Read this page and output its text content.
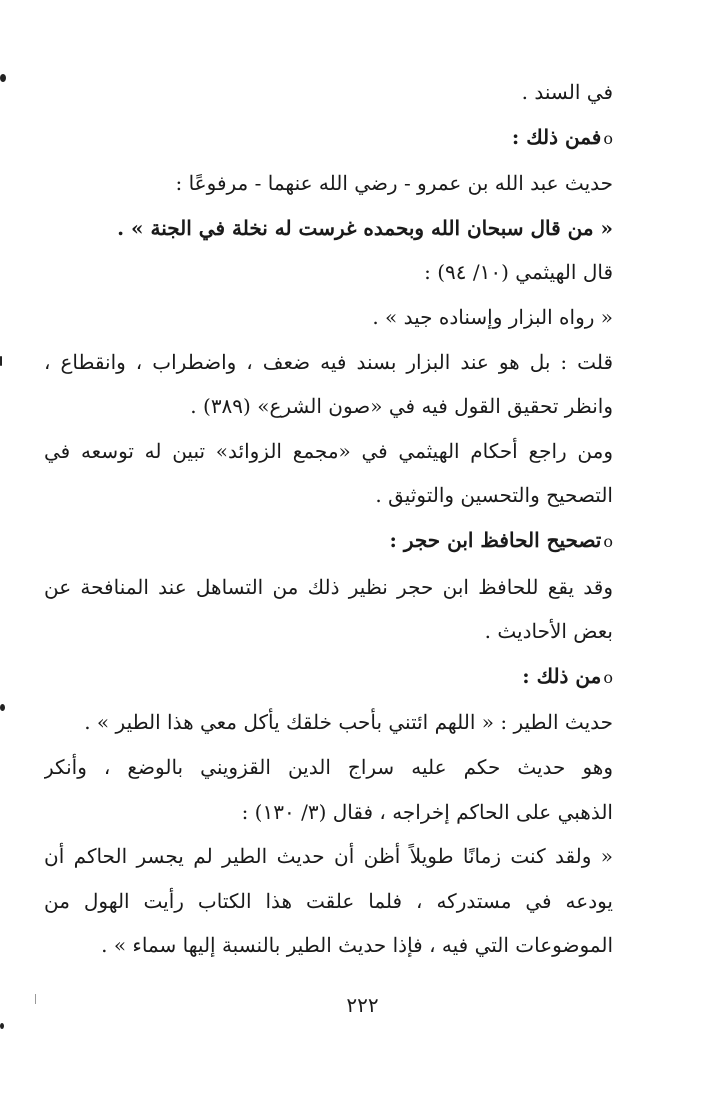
في السند .
oفمن ذلك :
حديث عبد الله بن عمرو - رضي الله عنهما - مرفوعًا :
« من قال سبحان الله وبحمده غرست له نخلة في الجنة » .
قال الهيثمي (١٠/ ٩٤) :
« رواه البزار وإسناده جيد » .
قلت : بل هو عند البزار بسند فيه ضعف ، واضطراب ، وانقطاع ،
وانظر تحقيق القول فيه في «صون الشرع» (٣٨٩) .
ومن راجع أحكام الهيثمي في «مجمع الزوائد» تبين له توسعه في
التصحيح والتحسين والتوثيق .
oتصحيح الحافظ ابن حجر :
وقد يقع للحافظ ابن حجر نظير ذلك من التساهل عند المنافحة عن
بعض الأحاديث .
oمن ذلك :
حديث الطير : « اللهم ائتني بأحب خلقك يأكل معي هذا الطير » .
وهو حديث حكم عليه سراج الدين القزويني بالوضع ، وأنكر
الذهبي على الحاكم إخراجه ، فقال (٣/ ١٣٠) :
« ولقد كنت زمانًا طويلاً أظن أن حديث الطير لم يجسر الحاكم أن
يودعه في مستدركه ، فلما علقت هذا الكتاب رأيت الهول من
الموضوعات التي فيه ، فإذا حديث الطير بالنسبة إليها سماء » .
٢٢٢
